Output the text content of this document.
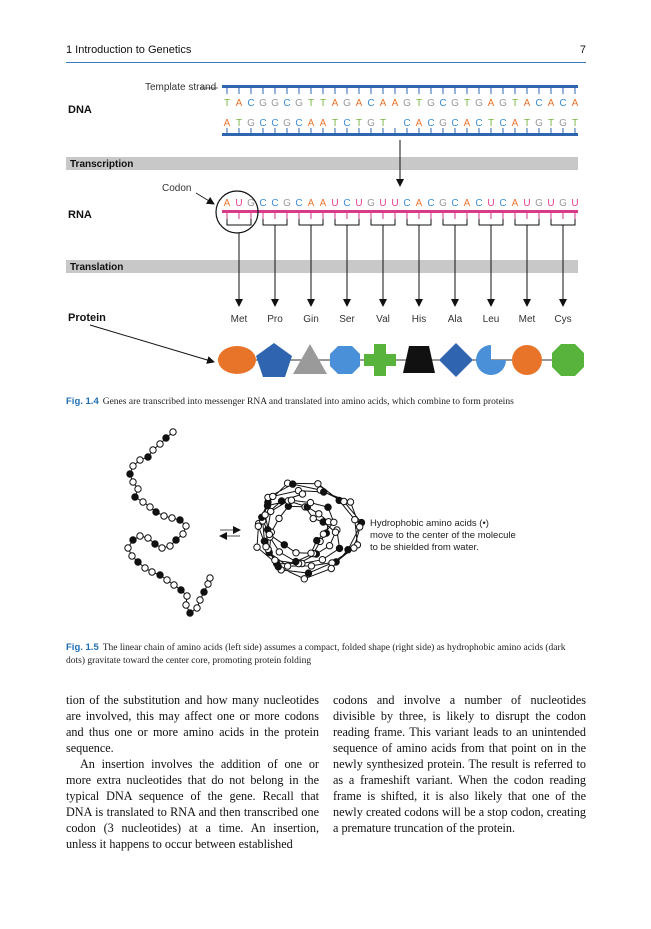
1 Introduction to Genetics	7
Template strand
DNA
T A C G G C G T T A G A C A A G T G C G T G A G T A C A C A
A T G C C G C A A T C T G T C A C G C A C T C A T G T G T
Transcription
Codon
RNA
A U G C C G C A A U C U G U U C A C G C A C U C A U G U G U
Translation
Met Pro Gin Ser Val His Ala Leu Met Cys
Protein
Fig. 1.4 Genes are transcribed into messenger RNA and translated into amino acids, which combine to form proteins
Hydrophobic amino acids (•)
move to the center of the molecule
to be shielded from water.
Fig. 1.5 The linear chain of amino acids (left side) assumes a compact, folded shape (right side) as hydrophobic amino acids (dark dots) gravitate toward the center core, promoting protein folding

tion of the substitution and how many nucleotides are involved, this may affect one or more codons and thus one or more amino acids in the protein sequence.

An insertion involves the addition of one or more extra nucleotides that do not belong in the typical DNA sequence of the gene. Recall that DNA is translated to RNA and then transcribed one codon (3 nucleotides) at a time. An insertion, unless it happens to occur between established

codons and involve a number of nucleotides divisible by three, is likely to disrupt the codon reading frame. This variant leads to an unintended sequence of amino acids from that point on in the newly synthesized protein. The result is referred to as a frameshift variant. When the codon reading frame is shifted, it is also likely that one of the newly created codons will be a stop codon, creating a premature truncation of the protein.
